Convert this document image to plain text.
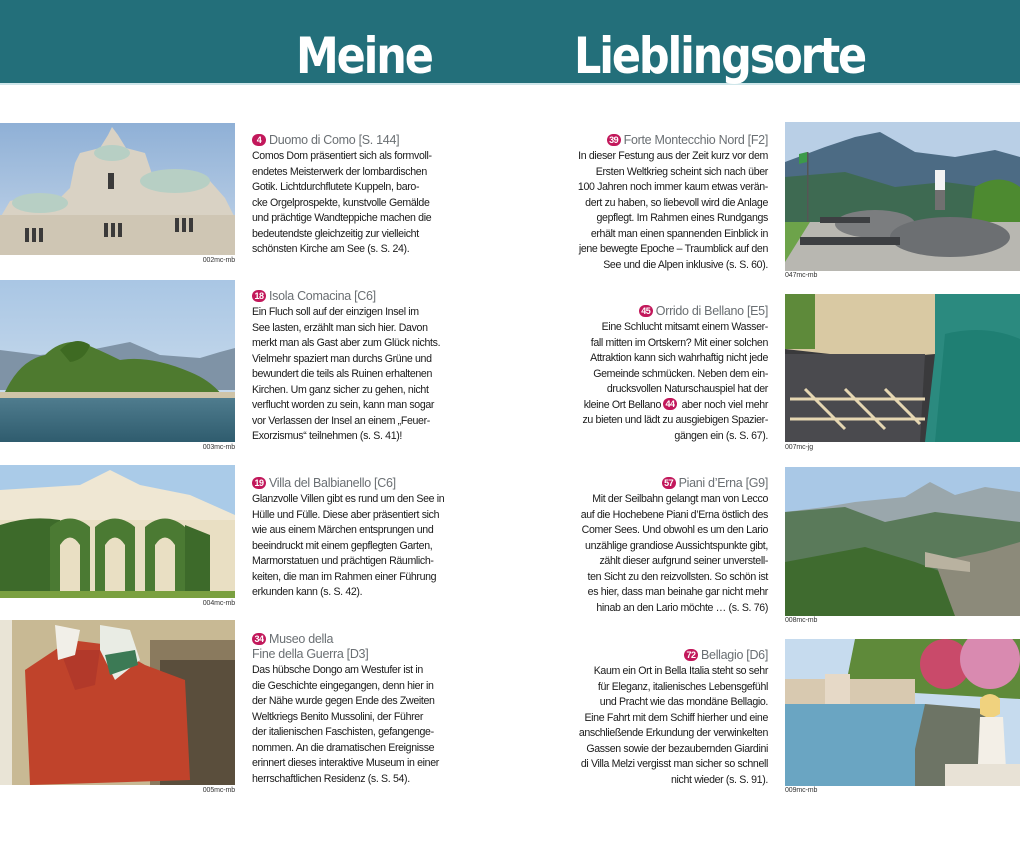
Meine	Lieblingsorte
002mc-mb
003mc-mb
004mc-mb
005mc-mb
047mc-mb
007mc-jg
008mc-mb
009mc-mb
4 Duomo di Como [S. 144]
Comos Dom präsentiert sich als formvoll-
endetes Meisterwerk der lombardischen
Gotik. Lichtdurchflutete Kuppeln, baro-
cke Orgelprospekte, kunstvolle Gemälde
und prächtige Wandteppiche machen die
bedeutendste gleichzeitig zur vielleicht
schönsten Kirche am See (s. S. 24).
18 Isola Comacina [C6]
Ein Fluch soll auf der einzigen Insel im
See lasten, erzählt man sich hier. Davon
merkt man als Gast aber zum Glück nichts.
Vielmehr spaziert man durchs Grüne und
bewundert die teils als Ruinen erhaltenen
Kirchen. Um ganz sicher zu gehen, nicht
verflucht worden zu sein, kann man sogar
vor Verlassen der Insel an einem „Feuer-
Exorzismus“ teilnehmen (s. S. 41)!
19 Villa del Balbianello [C6]
Glanzvolle Villen gibt es rund um den See in
Hülle und Fülle. Diese aber präsentiert sich
wie aus einem Märchen entsprungen und
beeindruckt mit einem gepflegten Garten,
Marmorstatuen und prächtigen Räumlich-
keiten, die man im Rahmen einer Führung
erkunden kann (s. S. 42).
34 Museo della
Fine della Guerra [D3]
Das hübsche Dongo am Westufer ist in
die Geschichte eingegangen, denn hier in
der Nähe wurde gegen Ende des Zweiten
Weltkriegs Benito Mussolini, der Führer
der italienischen Faschisten, gefangenge-
nommen. An die dramatischen Ereignisse
erinnert dieses interaktive Museum in einer
herrschaftlichen Residenz (s. S. 54).
39 Forte Montecchio Nord [F2]
In dieser Festung aus der Zeit kurz vor dem
Ersten Weltkrieg scheint sich nach über
100 Jahren noch immer kaum etwas verän-
dert zu haben, so liebevoll wird die Anlage
gepflegt. Im Rahmen eines Rundgangs
erhält man einen spannenden Einblick in
jene bewegte Epoche – Traumblick auf den
See und die Alpen inklusive (s. S. 60).
45 Orrido di Bellano [E5]
Eine Schlucht mitsamt einem Wasser-
fall mitten im Ortskern? Mit einer solchen
Attraktion kann sich wahrhaftig nicht jede
Gemeinde schmücken. Neben dem ein-
drucksvollen Naturschauspiel hat der
kleine Ort Bellano 44 aber noch viel mehr
zu bieten und lädt zu ausgiebigen Spazier-
gängen ein (s. S. 67).
57 Piani d’Erna [G9]
Mit der Seilbahn gelangt man von Lecco
auf die Hochebene Piani d’Erna östlich des
Comer Sees. Und obwohl es um den Lario
unzählige grandiose Aussichtspunkte gibt,
zählt dieser aufgrund seiner unverstell-
ten Sicht zu den reizvollsten. So schön ist
es hier, dass man beinahe gar nicht mehr
hinab an den Lario möchte … (s. S. 76)
72 Bellagio [D6]
Kaum ein Ort in Bella Italia steht so sehr
für Eleganz, italienisches Lebensgefühl
und Pracht wie das mondäne Bellagio.
Eine Fahrt mit dem Schiff hierher und eine
anschließende Erkundung der verwinkelten
Gassen sowie der bezaubernden Giardini
di Villa Melzi vergisst man sicher so schnell
nicht wieder (s. S. 91).
